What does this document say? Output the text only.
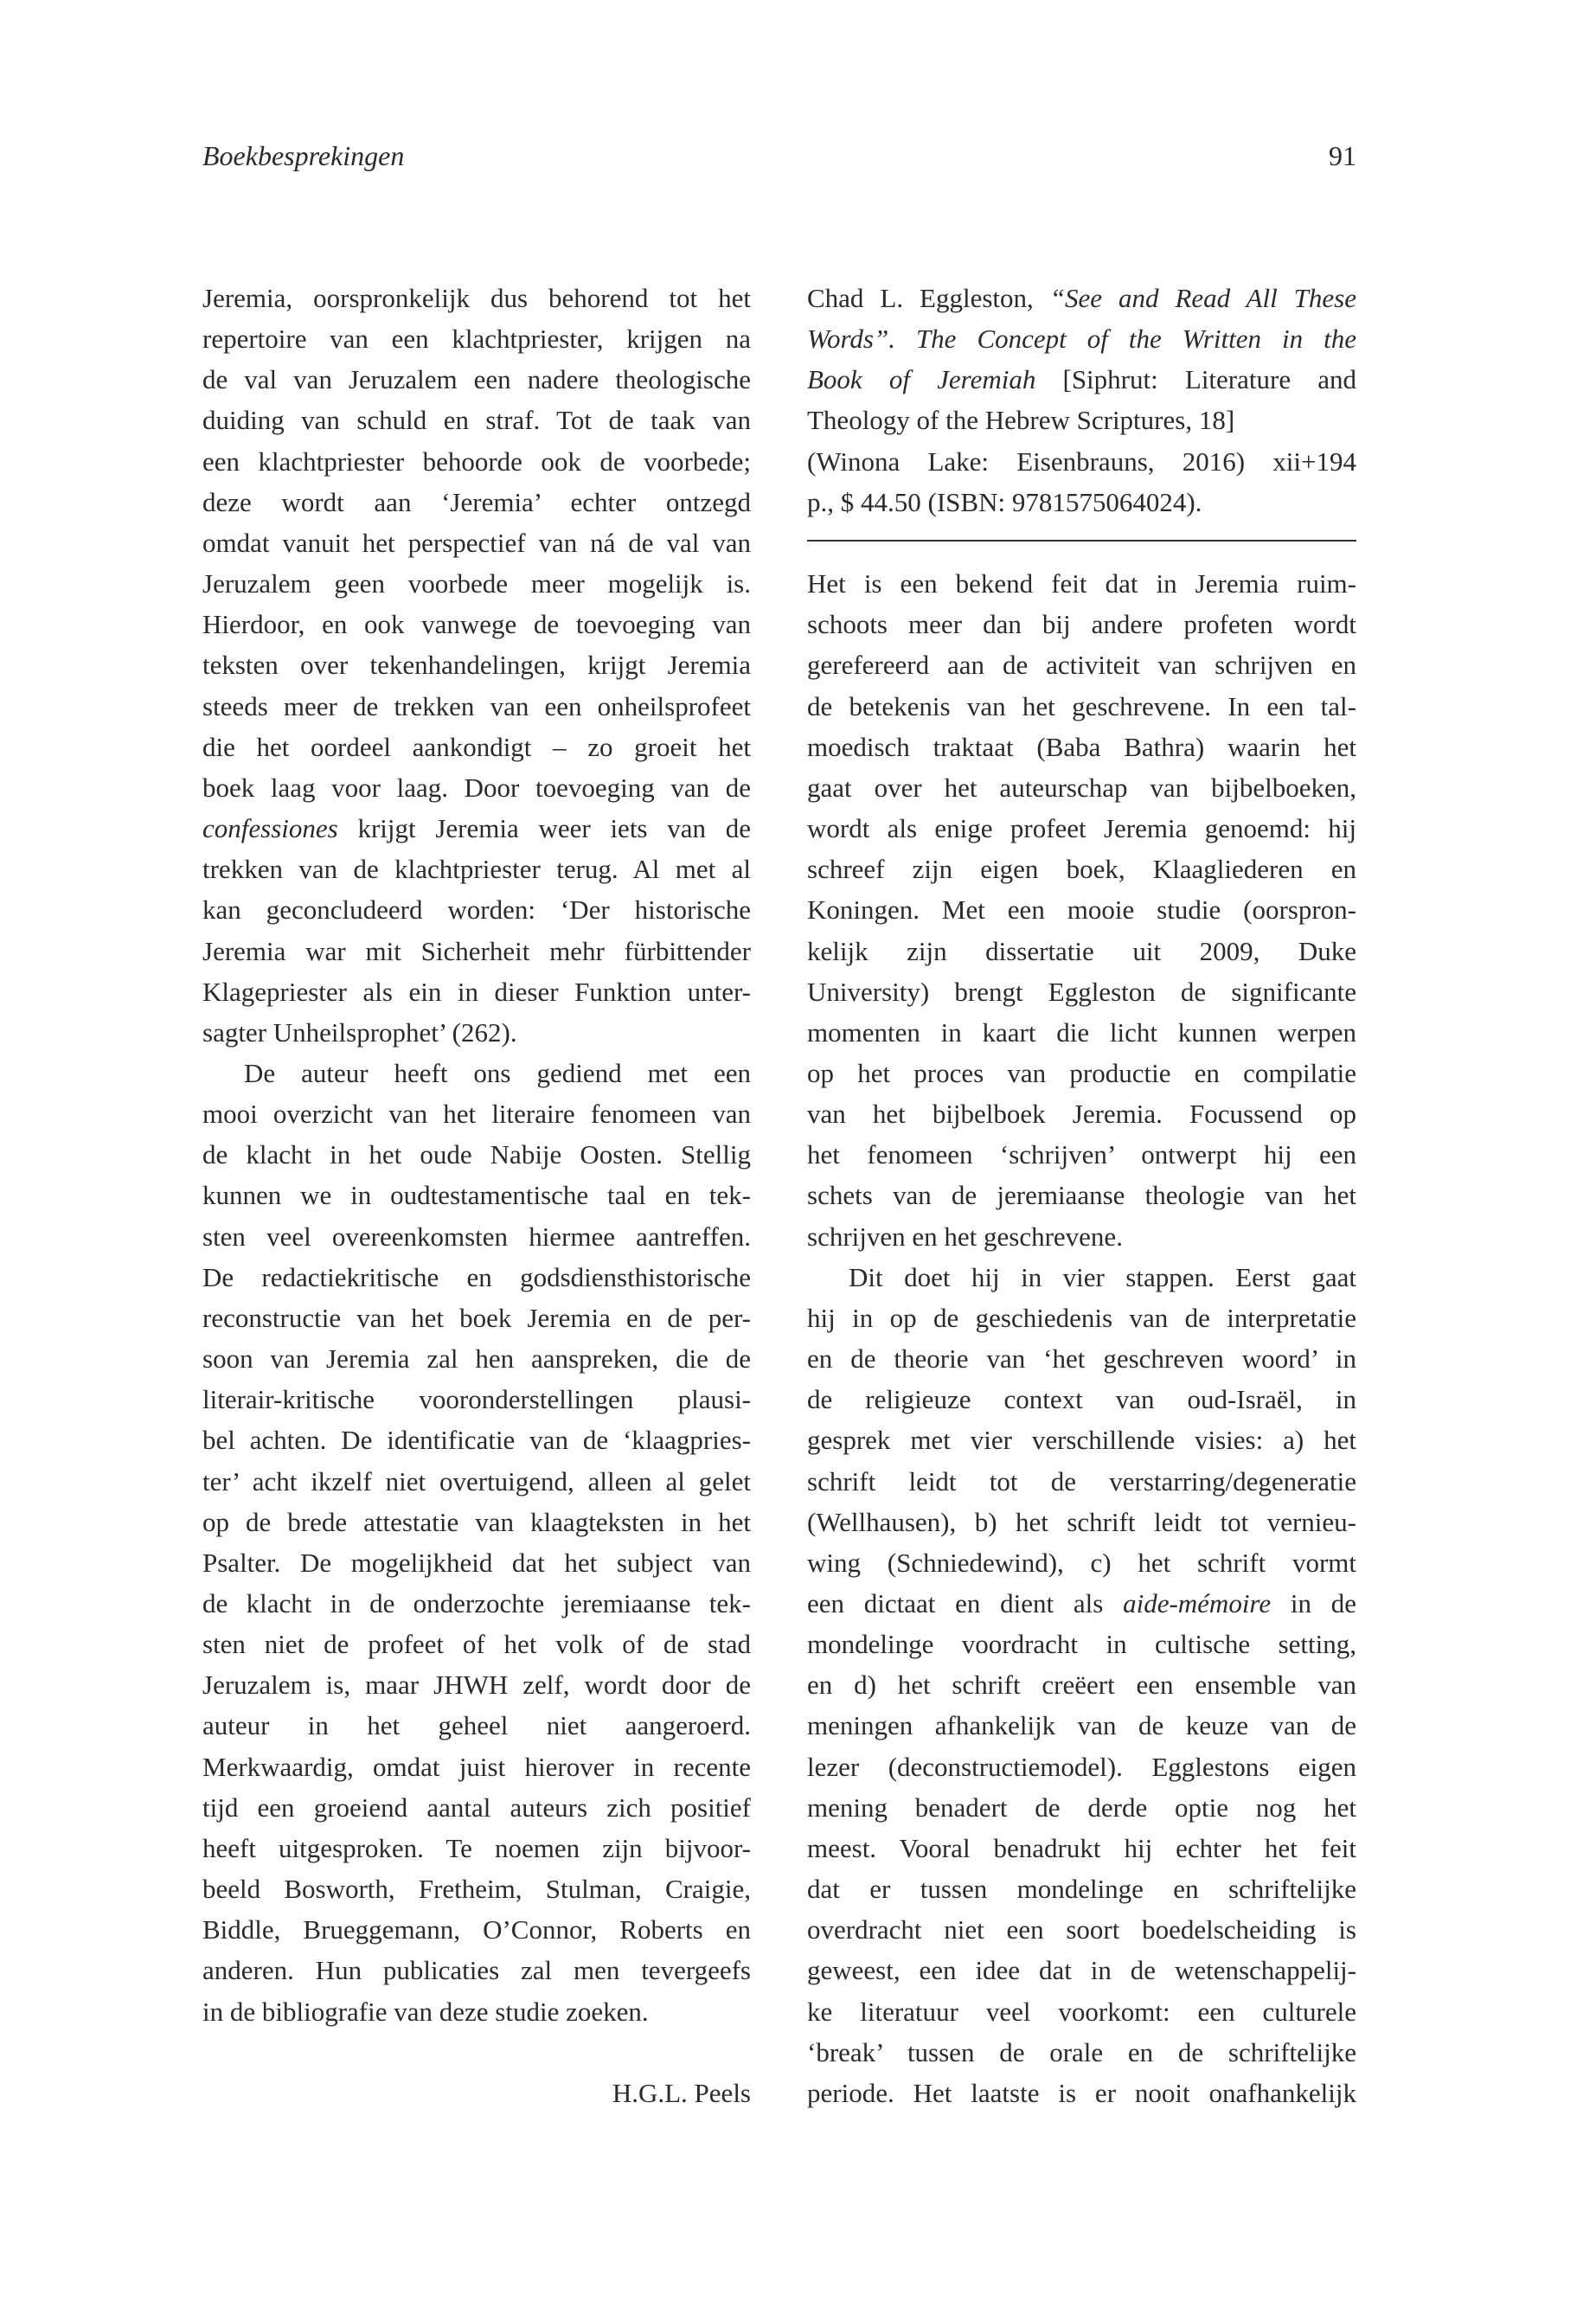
Boekbesprekingen	91
Jeremia, oorspronkelijk dus behorend tot het
repertoire van een klachtpriester, krijgen na
de val van Jeruzalem een nadere theologische
duiding van schuld en straf. Tot de taak van
een klachtpriester behoorde ook de voorbede;
deze wordt aan ‘Jeremia’ echter ontzegd
omdat vanuit het perspectief van ná de val van
Jeruzalem geen voorbede meer mogelijk is.
Hierdoor, en ook vanwege de toevoeging van
teksten over tekenhandelingen, krijgt Jeremia
steeds meer de trekken van een onheilsprofeet
die het oordeel aankondigt – zo groeit het
boek laag voor laag. Door toevoeging van de
confessiones krijgt Jeremia weer iets van de
trekken van de klachtpriester terug. Al met al
kan geconcludeerd worden: ‘Der historische
Jeremia war mit Sicherheit mehr fürbittender
Klagepriester als ein in dieser Funktion unter-
sagter Unheilsprophet’ (262).
De auteur heeft ons gediend met een
mooi overzicht van het literaire fenomeen van
de klacht in het oude Nabije Oosten. Stellig
kunnen we in oudtestamentische taal en tek-
sten veel overeenkomsten hiermee aantreffen.
De redactiekritische en godsdiensthistorische
reconstructie van het boek Jeremia en de per-
soon van Jeremia zal hen aanspreken, die de
literair-kritische vooronderstellingen plausi-
bel achten. De identificatie van de ‘klaagpries-
ter’ acht ikzelf niet overtuigend, alleen al gelet
op de brede attestatie van klaagteksten in het
Psalter. De mogelijkheid dat het subject van
de klacht in de onderzochte jeremiaanse tek-
sten niet de profeet of het volk of de stad
Jeruzalem is, maar JHWH zelf, wordt door de
auteur in het geheel niet aangeroerd.
Merkwaardig, omdat juist hierover in recente
tijd een groeiend aantal auteurs zich positief
heeft uitgesproken. Te noemen zijn bijvoor-
beeld Bosworth, Fretheim, Stulman, Craigie,
Biddle, Brueggemann, O’Connor, Roberts en
anderen. Hun publicaties zal men tevergeefs
in de bibliografie van deze studie zoeken.
H.G.L. Peels
Chad L. Eggleston, “See and Read All These
Words”. The Concept of the Written in the
Book of Jeremiah [Siphrut: Literature and
Theology of the Hebrew Scriptures, 18]
(Winona Lake: Eisenbrauns, 2016) xii+194
p., $ 44.50 (ISBN: 9781575064024).
Het is een bekend feit dat in Jeremia ruim-
schoots meer dan bij andere profeten wordt
gerefereerd aan de activiteit van schrijven en
de betekenis van het geschrevene. In een tal-
moedisch traktaat (Baba Bathra) waarin het
gaat over het auteurschap van bijbelboeken,
wordt als enige profeet Jeremia genoemd: hij
schreef zijn eigen boek, Klaagliederen en
Koningen. Met een mooie studie (oorspron-
kelijk zijn dissertatie uit 2009, Duke
University) brengt Eggleston de significante
momenten in kaart die licht kunnen werpen
op het proces van productie en compilatie
van het bijbelboek Jeremia. Focussend op
het fenomeen ‘schrijven’ ontwerpt hij een
schets van de jeremiaanse theologie van het
schrijven en het geschrevene.
Dit doet hij in vier stappen. Eerst gaat
hij in op de geschiedenis van de interpretatie
en de theorie van ‘het geschreven woord’ in
de religieuze context van oud-Israël, in
gesprek met vier verschillende visies: a) het
schrift leidt tot de verstarring/degeneratie
(Wellhausen), b) het schrift leidt tot vernieu-
wing (Schniedewind), c) het schrift vormt
een dictaat en dient als aide-mémoire in de
mondelinge voordracht in cultische setting,
en d) het schrift creëert een ensemble van
meningen afhankelijk van de keuze van de
lezer (deconstructiemodel). Egglestons eigen
mening benadert de derde optie nog het
meest. Vooral benadrukt hij echter het feit
dat er tussen mondelinge en schriftelijke
overdracht niet een soort boedelscheiding is
geweest, een idee dat in de wetenschappelij-
ke literatuur veel voorkomt: een culturele
‘break’ tussen de orale en de schriftelijke
periode. Het laatste is er nooit onafhankelijk
